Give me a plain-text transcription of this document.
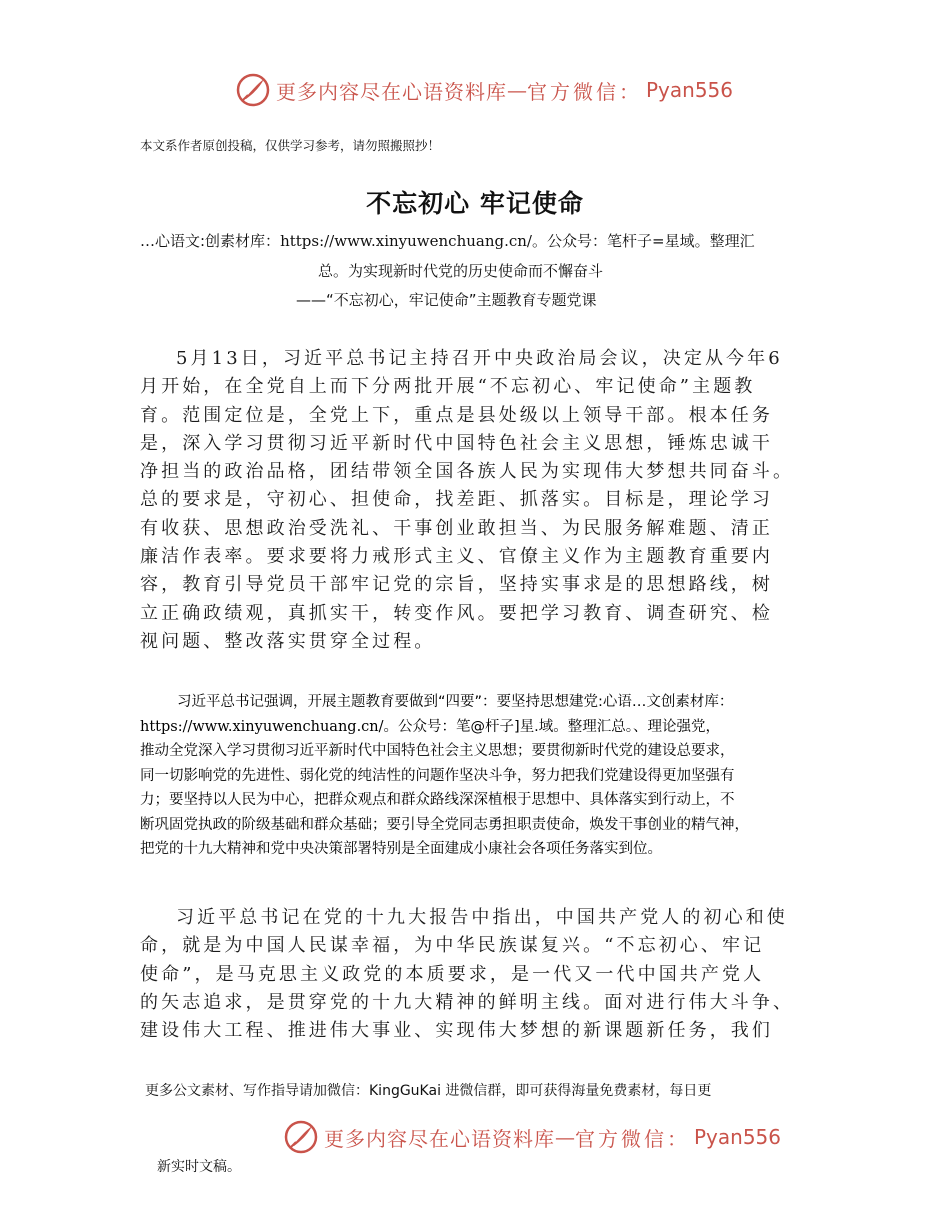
更多内容尽在心语资料库 — 官方微信： Pyan556
本文系作者原创投稿，仅供学习参考，请勿照搬照抄！
不忘初心 牢记使命
…心语文:创素材库：https://www.xinyuwenchuang.cn/。公众号：笔杆子=星域。整理汇
总。为实现新时代党的历史使命而不懈奋斗
——“不忘初心，牢记使命”主题教育专题党课
5月13日，习近平总书记主持召开中央政治局会议，决定从今年6
月开始，在全党自上而下分两批开展“不忘初心、牢记使命”主题教
育。范围定位是，全党上下，重点是县处级以上领导干部。根本任务
是，深入学习贯彻习近平新时代中国特色社会主义思想，锤炼忠诚干
净担当的政治品格，团结带领全国各族人民为实现伟大梦想共同奋斗。
总的要求是，守初心、担使命，找差距、抓落实。目标是，理论学习
有收获、思想政治受洗礼、干事创业敢担当、为民服务解难题、清正
廉洁作表率。要求要将力戒形式主义、官僚主义作为主题教育重要内
容，教育引导党员干部牢记党的宗旨，坚持实事求是的思想路线，树
立正确政绩观，真抓实干，转变作风。要把学习教育、调查研究、检
视问题、整改落实贯穿全过程。
习近平总书记强调，开展主题教育要做到“四要”：要坚持思想建党:心语…文创素材库：
https://www.xinyuwenchuang.cn/。公众号：笔@杆子]星.域。整理汇总。、理论强党，
推动全党深入学习贯彻习近平新时代中国特色社会主义思想；要贯彻新时代党的建设总要求，
同一切影响党的先进性、弱化党的纯洁性的问题作坚决斗争，努力把我们党建设得更加坚强有
力；要坚持以人民为中心，把群众观点和群众路线深深植根于思想中、具体落实到行动上，不
断巩固党执政的阶级基础和群众基础；要引导全党同志勇担职责使命，焕发干事创业的精气神，
把党的十九大精神和党中央决策部署特别是全面建成小康社会各项任务落实到位。
习近平总书记在党的十九大报告中指出，中国共产党人的初心和使
命，就是为中国人民谋幸福，为中华民族谋复兴。“不忘初心、牢记
使命”，是马克思主义政党的本质要求，是一代又一代中国共产党人
的矢志追求，是贯穿党的十九大精神的鲜明主线。面对进行伟大斗争、
建设伟大工程、推进伟大事业、实现伟大梦想的新课题新任务，我们
更多公文素材、写作指导请加微信：KingGuKai 进微信群，即可获得海量免费素材，每日更
更多内容尽在心语资料库 — 官方微信： Pyan556
新实时文稿。
